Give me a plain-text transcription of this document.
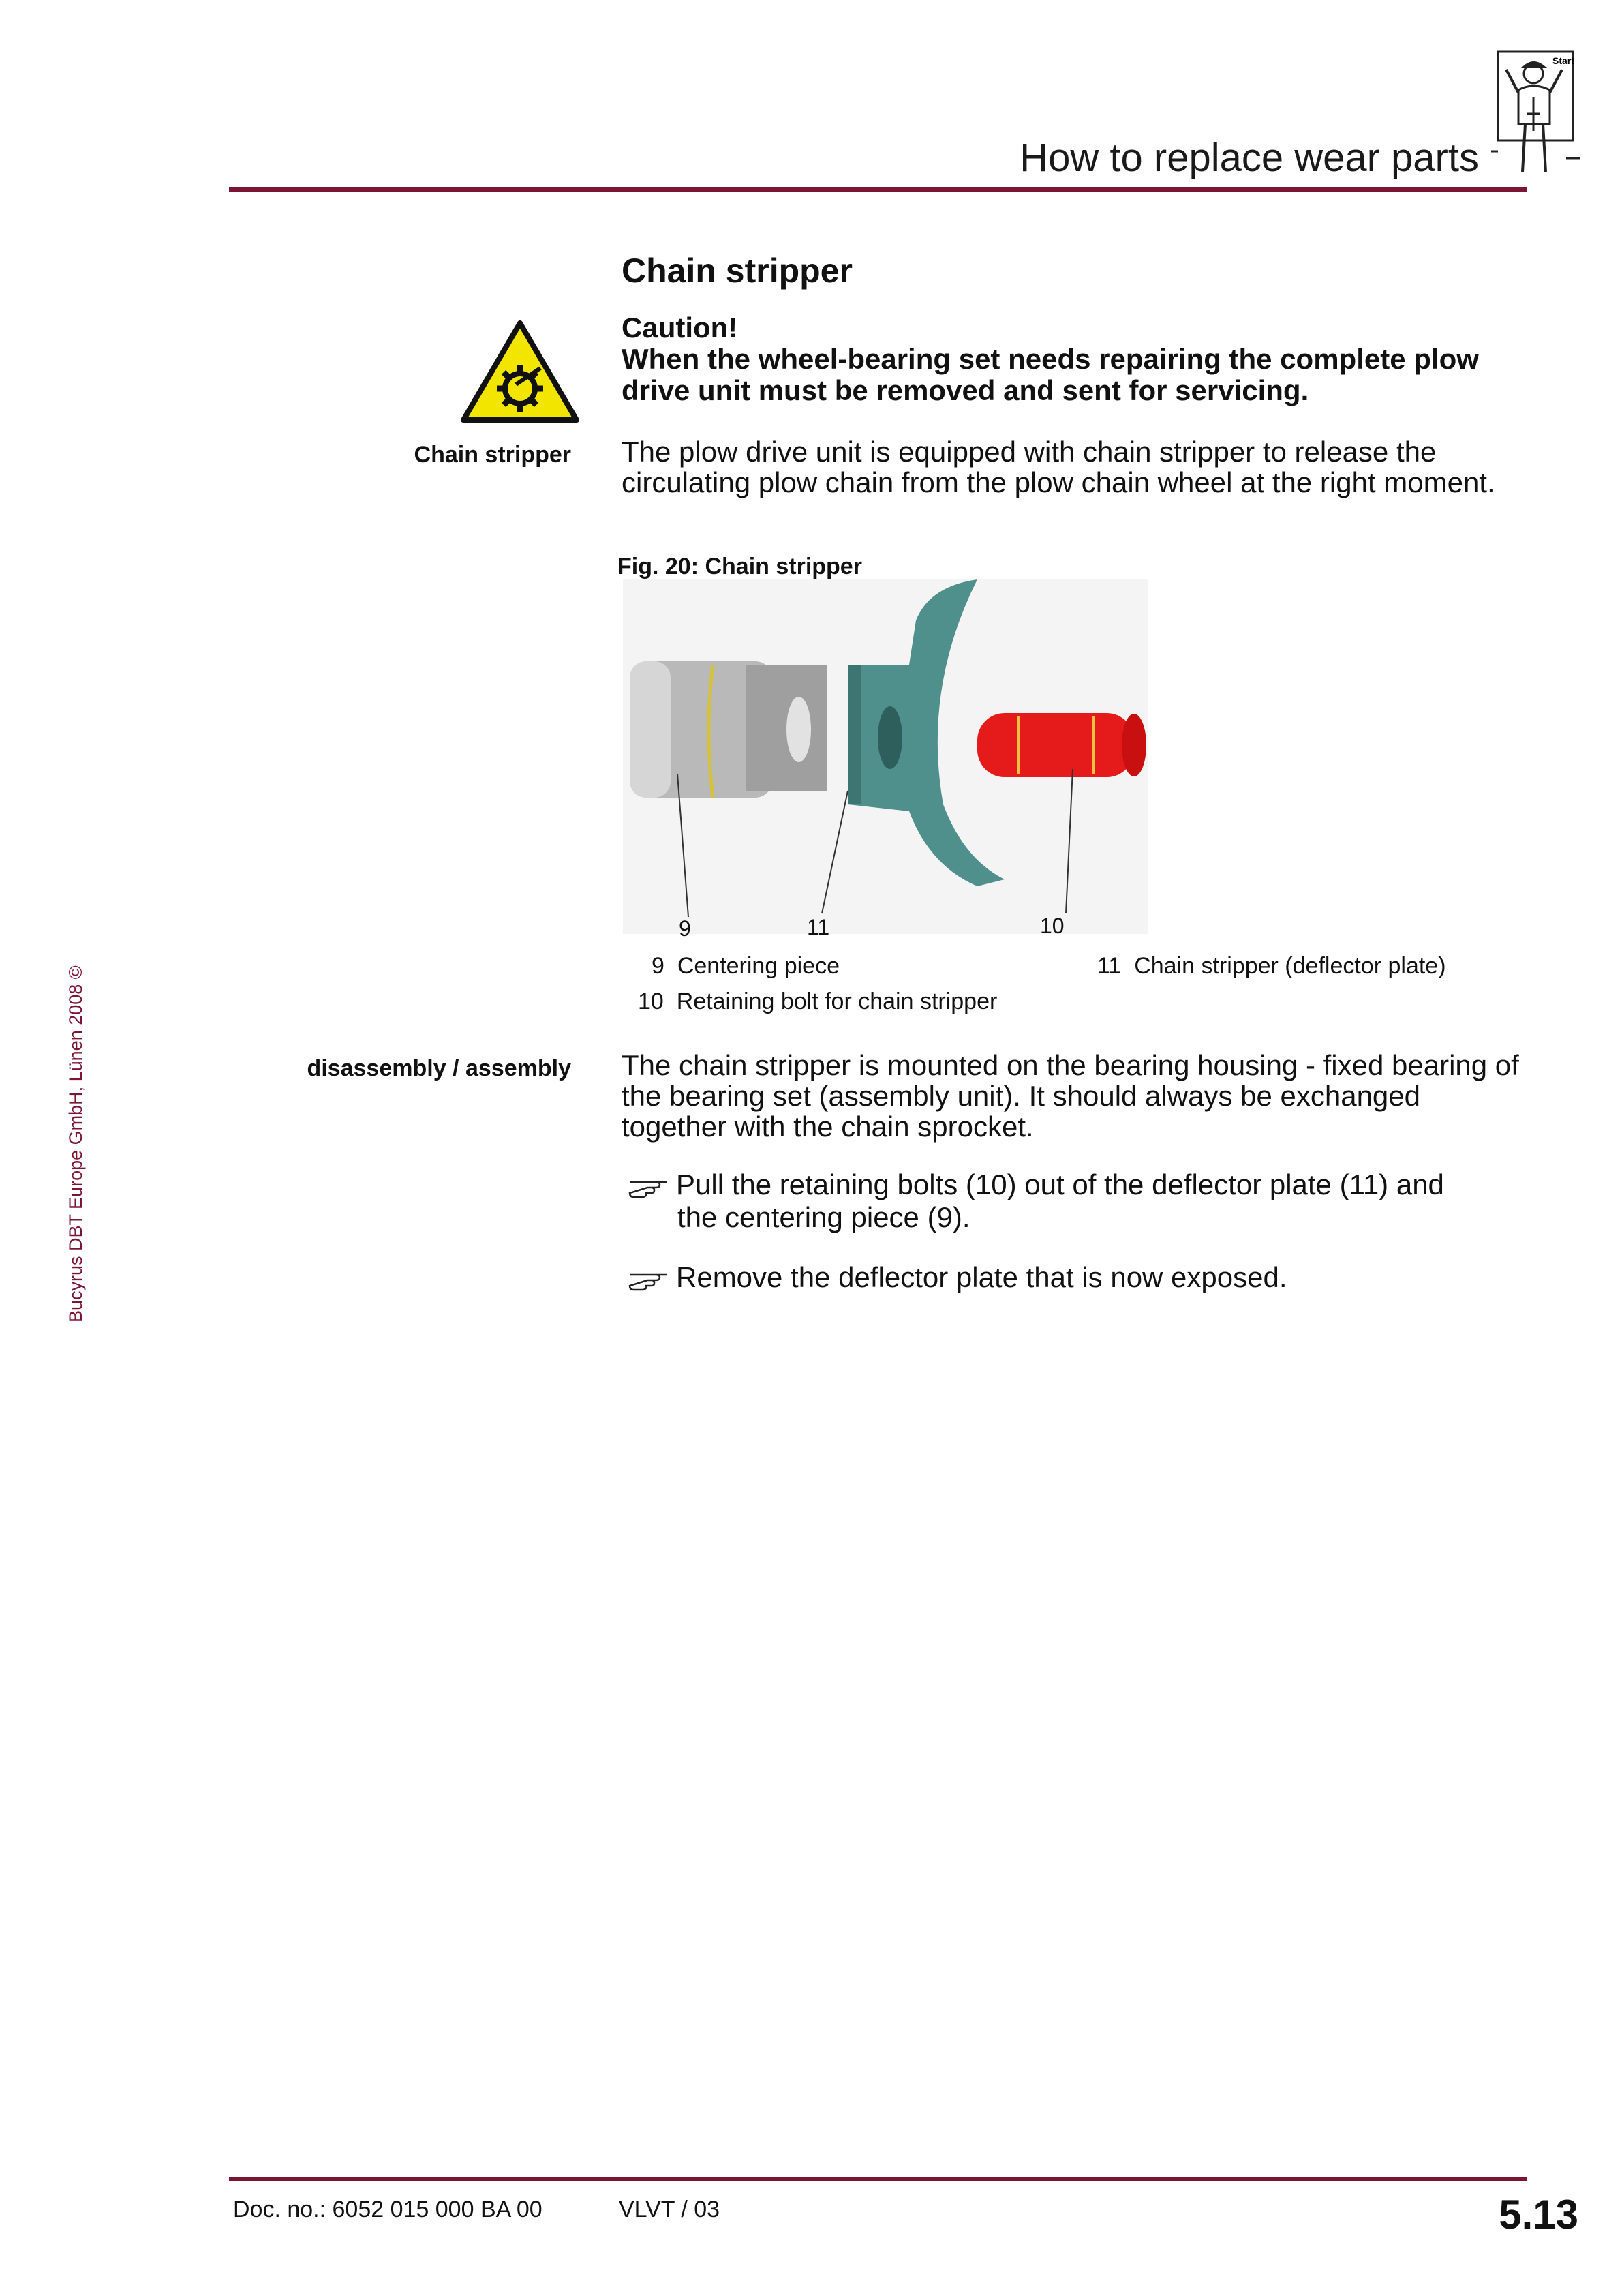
How to replace wear parts
Start
Bucyrus DBT Europe GmbH, Lünen 2008 ©
Chain stripper
Caution!
When the wheel-bearing set needs repairing the complete plow drive unit must be removed and sent for servicing.
Chain stripper The plow drive unit is equipped with chain stripper to release the circulating plow chain from the plow chain wheel at the right moment.
Fig. 20: Chain stripper
9	11	10
9 Centering piece	11 Chain stripper (deflector plate)
10 Retaining bolt for chain stripper
disassembly / assembly The chain stripper is mounted on the bearing housing - fixed bearing of the bearing set (assembly unit). It should always be exchanged together with the chain sprocket.
Pull the retaining bolts (10) out of the deflector plate (11) and
the centering piece (9).
Remove the deflector plate that is now exposed.
Doc. no.: 6052 015 000 BA 00	VLVT / 03	5.13
